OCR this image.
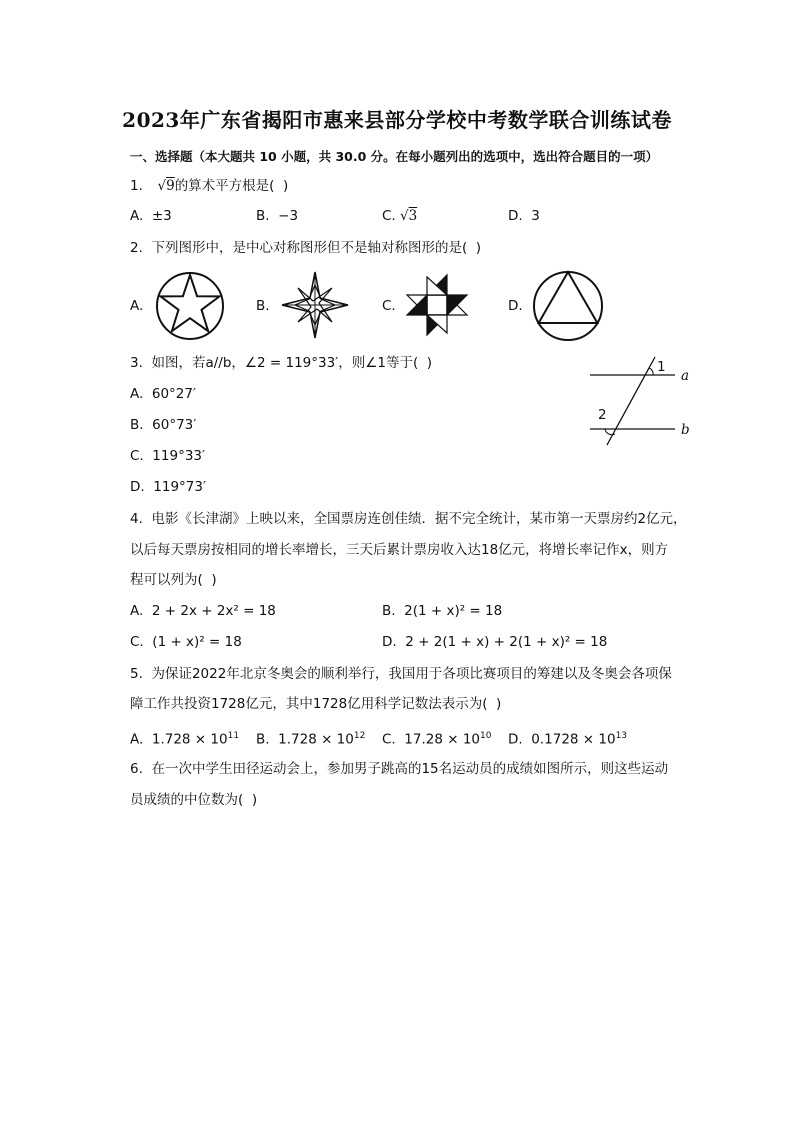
2023年广东省揭阳市惠来县部分学校中考数学联合训练试卷
一、选择题（本大题共 10 小题，共 30.0 分。在每小题列出的选项中，选出符合题目的一项）
1. √9的算术平方根是(  )
A.  ±3	B.  −3	C. √3	D.  3
2.  下列图形中，是中心对称图形但不是轴对称图形的是(  )
A.	B.	C.	D.
3.  如图，若a//b，∠2 = 119°33′，则∠1等于(  )
A.  60°27′
B.  60°73′
C.  119°33′
D.  119°73′
1
2
a
b
4.  电影《长津湖》上映以来，全国票房连创佳绩．据不完全统计，某市第一天票房约2亿元，
以后每天票房按相同的增长率增长，三天后累计票房收入达18亿元，将增长率记作x，则方
程可以列为(  )
A.  2 + 2x + 2x² = 18	B.  2(1 + x)² = 18
C.  (1 + x)² = 18	D.  2 + 2(1 + x) + 2(1 + x)² = 18
5.  为保证2022年北京冬奥会的顺利举行，我国用于各项比赛项目的筹建以及冬奥会各项保
障工作共投资1728亿元，其中1728亿用科学记数法表示为(  )
A.  $1.728 \times 10^{11}$ B.  $1.728 \times 10^{12}$ C.  $17.28 \times 10^{10}$ D.  $0.1728 \times 10^{13}$
6.  在一次中学生田径运动会上，参加男子跳高的15名运动员的成绩如图所示，则这些运动
员成绩的中位数为(  )
